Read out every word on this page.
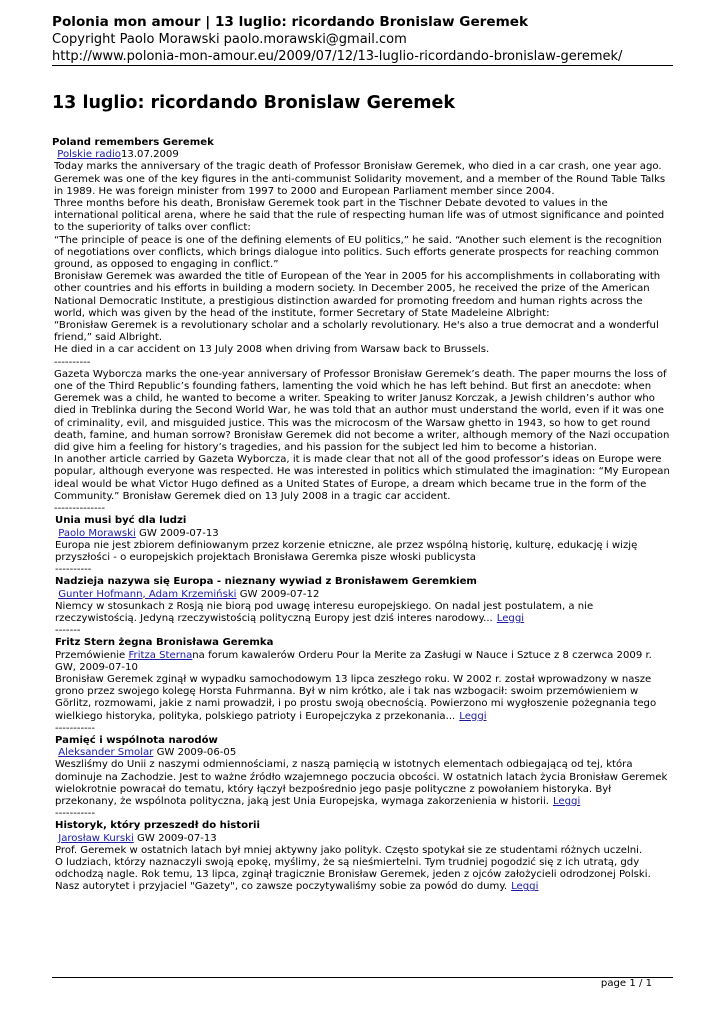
Polonia mon amour | 13 luglio: ricordando Bronislaw Geremek
Copyright Paolo Morawski paolo.morawski@gmail.com
http://www.polonia-mon-amour.eu/2009/07/12/13-luglio-ricordando-bronislaw-geremek/
13 luglio: ricordando Bronislaw Geremek

Poland remembers Geremek

Polskie radio13.07.2009

Today marks the anniversary of the tragic death of Professor Bronisław Geremek, who died in a car crash, one year ago. Geremek was one of the key figures in the anti-communist Solidarity movement, and a member of the Round Table Talks in 1989. He was foreign minister from 1997 to 2000 and European Parliament member since 2004.

Three months before his death, Bronisław Geremek took part in the Tischner Debate devoted to values in the international political arena, where he said that the rule of respecting human life was of utmost significance and pointed to the superiority of talks over conflict:

“The principle of peace is one of the defining elements of EU politics,” he said. “Another such element is the recognition of negotiations over conflicts, which brings dialogue into politics. Such efforts generate prospects for reaching common ground, as opposed to engaging in conflict.”

Bronisław Geremek was awarded the title of European of the Year in 2005 for his accomplishments in collaborating with other countries and his efforts in building a modern society. In December 2005, he received the prize of the American National Democratic Institute, a prestigious distinction awarded for promoting freedom and human rights across the world, which was given by the head of the institute, former Secretary of State Madeleine Albright:

“Bronisław Geremek is a revolutionary scholar and a scholarly revolutionary. He's also a true democrat and a wonderful friend,” said Albright.

He died in a car accident on 13 July 2008 when driving from Warsaw back to Brussels.

----------

Gazeta Wyborcza marks the one-year anniversary of Professor Bronisław Geremek’s death. The paper mourns the loss of one of the Third Republic’s founding fathers, lamenting the void which he has left behind. But first an anecdote: when Geremek was a child, he wanted to become a writer. Speaking to writer Janusz Korczak, a Jewish children’s author who died in Treblinka during the Second World War, he was told that an author must understand the world, even if it was one of criminality, evil, and misguided justice. This was the microcosm of the Warsaw ghetto in 1943, so how to get round death, famine, and human sorrow? Bronisław Geremek did not become a writer, although memory of the Nazi occupation did give him a feeling for history’s tragedies, and his passion for the subject led him to become a historian.

In another article carried by Gazeta Wyborcza, it is made clear that not all of the good professor’s ideas on Europe were popular, although everyone was respected. He was interested in politics which stimulated the imagination: “My European ideal would be what Victor Hugo defined as a United States of Europe, a dream which became true in the form of the Community.” Bronisław Geremek died on 13 July 2008 in a tragic car accident.

--------------

Unia musi być dla ludzi

Paolo Morawski GW 2009-07-13

Europa nie jest zbiorem definiowanym przez korzenie etniczne, ale przez wspólną historię, kulturę, edukację i wizję przyszłości - o europejskich projektach Bronisława Geremka pisze włoski publicysta

----------

Nadzieja nazywa się Europa - nieznany wywiad z Bronisławem Geremkiem

Gunter Hofmann, Adam Krzemiński GW 2009-07-12

Niemcy w stosunkach z Rosją nie biorą pod uwagę interesu europejskiego. On nadal jest postulatem, a nie rzeczywistością. Jedyną rzeczywistością polityczną Europy jest dziś interes narodowy... Leggi

-------

Fritz Stern żegna Bronisława Geremka

Przemówienie Fritza Sternana forum kawalerów Orderu Pour la Merite za Zasługi w Nauce i Sztuce z 8 czerwca 2009 r.

GW, 2009-07-10

Bronisław Geremek zginął w wypadku samochodowym 13 lipca zeszłego roku. W 2002 r. został wprowadzony w nasze grono przez swojego kolegę Horsta Fuhrmanna. Był w nim krótko, ale i tak nas wzbogacił: swoim przemówieniem w Görlitz, rozmowami, jakie z nami prowadził, i po prostu swoją obecnością. Powierzono mi wygłoszenie pożegnania tego wielkiego historyka, polityka, polskiego patrioty i Europejczyka z przekonania... Leggi

-----------

Pamięć i wspólnota narodów

Aleksander Smolar GW 2009-06-05

Weszliśmy do Unii z naszymi odmiennościami, z naszą pamięcią w istotnych elementach odbiegającą od tej, która dominuje na Zachodzie. Jest to ważne źródło wzajemnego poczucia obcości. W ostatnich latach życia Bronisław Geremek wielokrotnie powracał do tematu, który łączył bezpośrednio jego pasje polityczne z powołaniem historyka. Był przekonany, że wspólnota polityczna, jaką jest Unia Europejska, wymaga zakorzenienia w historii. Leggi

-----------

Historyk, który przeszedł do historii

Jarosław Kurski GW 2009-07-13

Prof. Geremek w ostatnich latach był mniej aktywny jako polityk. Często spotykał sie ze studentami różnych uczelni.

O ludziach, którzy naznaczyli swoją epokę, myślimy, że są nieśmiertelni. Tym trudniej pogodzić się z ich utratą, gdy odchodzą nagle. Rok temu, 13 lipca, zginął tragicznie Bronisław Geremek, jeden z ojców założycieli odrodzonej Polski. Nasz autorytet i przyjaciel "Gazety", co zawsze poczytywaliśmy sobie za powód do dumy. Leggi

page 1 / 1
